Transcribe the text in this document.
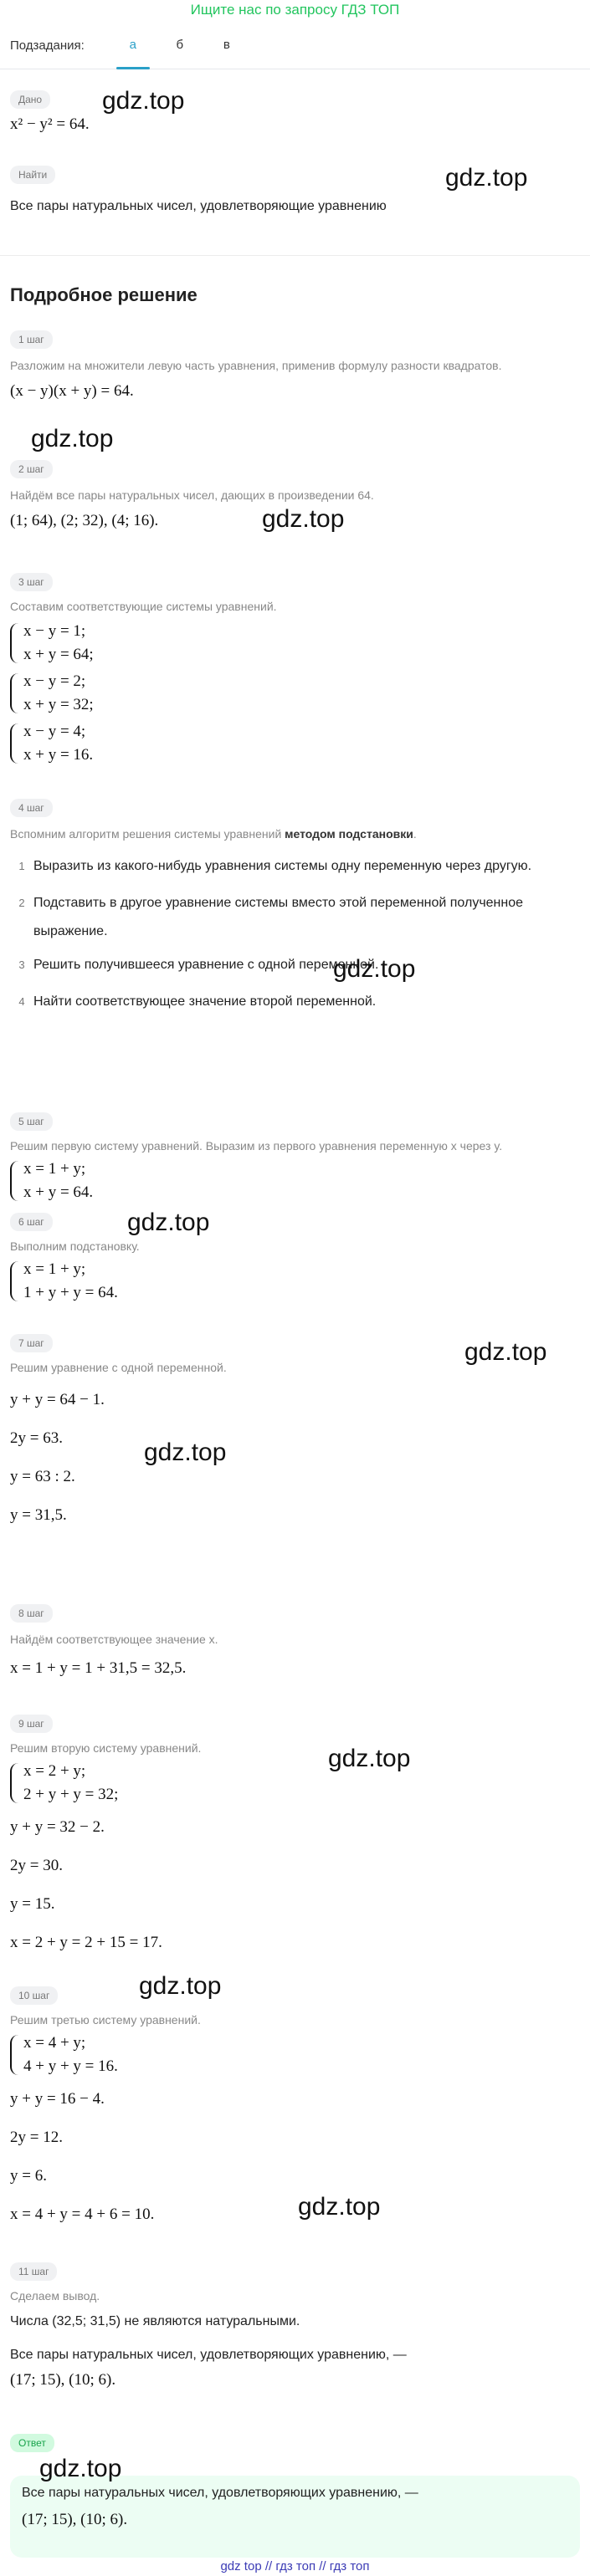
Ищите нас по запросу ГДЗ ТОП
Подзадания:	а	б	в
Дано
x² − y² = 64.
Найти
Все пары натуральных чисел, удовлетворяющие уравнению
Подробное решение
1 шаг
Разложим на множители левую часть уравнения, применив формулу разности квадратов.
(x − y)(x + y) = 64.
2 шаг
Найдём все пары натуральных чисел, дающих в произведении 64.
(1; 64), (2; 32), (4; 16).
3 шаг
Составим соответствующие системы уравнений.
x − y = 1;
x + y = 64;
x − y = 2;
x + y = 32;
x − y = 4;
x + y = 16.
4 шаг
Вспомним алгоритм решения системы уравнений методом подстановки.
1 Выразить из какого-нибудь уравнения системы одну переменную через другую.
2 Подставить в другое уравнение системы вместо этой переменной полученное выражение.
3 Решить получившееся уравнение с одной переменной.
4 Найти соответствующее значение второй переменной.
5 шаг
Решим первую систему уравнений. Выразим из первого уравнения переменную x через y.
x = 1 + y;
x + y = 64.
6 шаг
Выполним подстановку.
x = 1 + y;
1 + y + y = 64.
7 шаг
Решим уравнение с одной переменной.
y + y = 64 − 1.
2y = 63.
y = 63 : 2.
y = 31,5.
8 шаг
Найдём соответствующее значение x.
x = 1 + y = 1 + 31,5 = 32,5.
9 шаг
Решим вторую систему уравнений.
x = 2 + y;
2 + y + y = 32;
y + y = 32 − 2.
2y = 30.
y = 15.
x = 2 + y = 2 + 15 = 17.
10 шаг
Решим третью систему уравнений.
x = 4 + y;
4 + y + y = 16.
y + y = 16 − 4.
2y = 12.
y = 6.
x = 4 + y = 4 + 6 = 10.
11 шаг
Сделаем вывод.
Числа (32,5; 31,5) не являются натуральными.
Все пары натуральных чисел, удовлетворяющих уравнению, —
(17; 15), (10; 6).
Ответ
Все пары натуральных чисел, удовлетворяющих уравнению, —
(17; 15), (10; 6).
gdz top // гдз топ // гдз топ
gdz.top
gdz.top
gdz.top
gdz.top
gdz.top
gdz.top
gdz.top
gdz.top
gdz.top
gdz.top
gdz.top
gdz.top
